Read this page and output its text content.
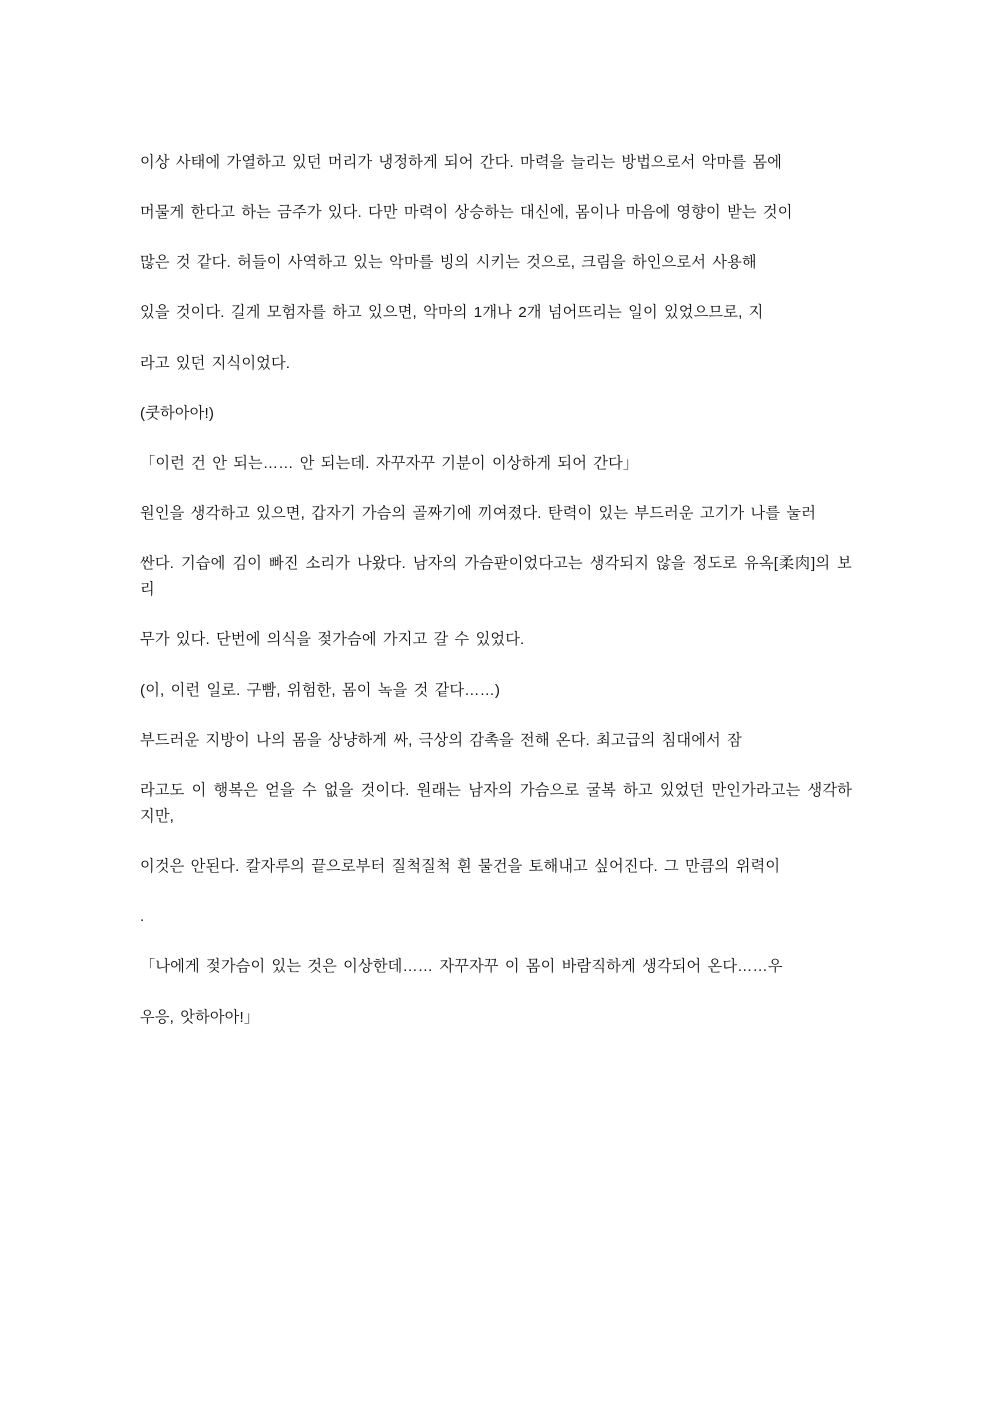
이상 사태에 가열하고 있던 머리가 냉정하게 되어 간다. 마력을 늘리는 방법으로서 악마를 몸에

머물게 한다고 하는 금주가 있다. 다만 마력이 상승하는 대신에, 몸이나 마음에 영향이 받는 것이

많은 것 같다. 허들이 사역하고 있는 악마를 빙의 시키는 것으로, 크림을 하인으로서 사용해

있을 것이다. 길게 모험자를 하고 있으면, 악마의 1개나 2개 넘어뜨리는 일이 있었으므로, 지

라고 있던 지식이었다.

(쿳하아아!)

「이런 건 안 되는…… 안 되는데. 자꾸자꾸 기분이 이상하게 되어 간다」

원인을 생각하고 있으면, 갑자기 가슴의 골짜기에 끼여졌다. 탄력이 있는 부드러운 고기가 나를 눌러

싼다. 기습에 김이 빠진 소리가 나왔다. 남자의 가슴판이었다고는 생각되지 않을 정도로 유옥[柔肉]의 보리

무가 있다. 단번에 의식을 젖가슴에 가지고 갈 수 있었다.

(이, 이런 일로. 구빰, 위험한, 몸이 녹을 것 같다……)

부드러운 지방이 나의 몸을 상냥하게 싸, 극상의 감촉을 전해 온다. 최고급의 침대에서 잠

라고도 이 행복은 얻을 수 없을 것이다. 원래는 남자의 가슴으로 굴복 하고 있었던 만인가라고는 생각하지만,

이것은 안된다. 칼자루의 끝으로부터 질척질척 흰 물건을 토해내고 싶어진다. 그 만큼의 위력이

.

「나에게 젖가슴이 있는 것은 이상한데…… 자꾸자꾸 이 몸이 바람직하게 생각되어 온다……우

우응, 앗하아아!」
